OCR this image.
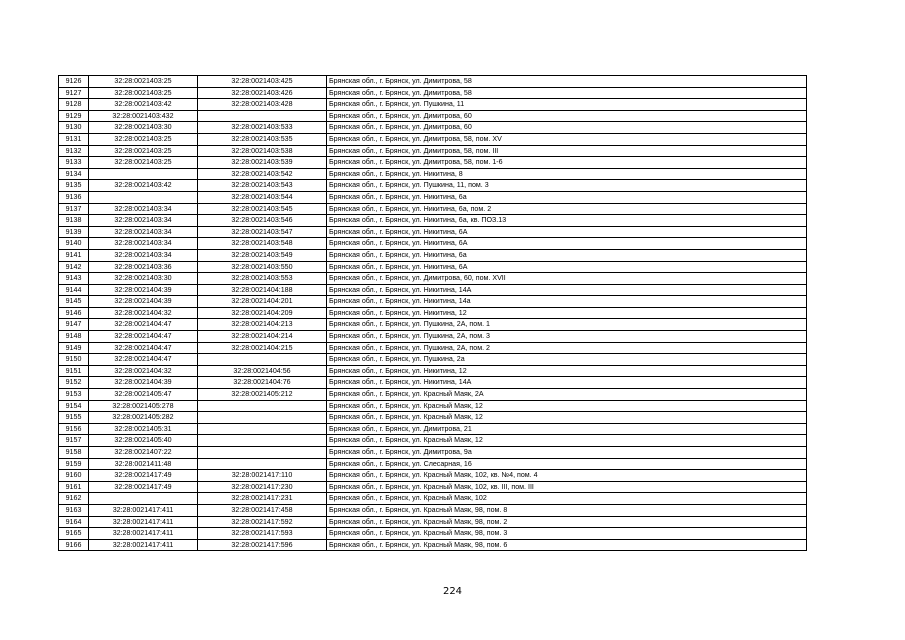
9126	32:28:0021403:25	32:28:0021403:425	Брянская обл., г. Брянск, ул. Димитрова, 58
9127	32:28:0021403:25	32:28:0021403:426	Брянская обл., г. Брянск, ул. Димитрова, 58
9128	32:28:0021403:42	32:28:0021403:428	Брянская обл., г. Брянск, ул. Пушкина, 11
9129	32:28:0021403:432		Брянская обл., г. Брянск, ул. Димитрова, 60
9130	32:28:0021403:30	32:28:0021403:533	Брянская обл., г. Брянск, ул. Димитрова, 60
9131	32:28:0021403:25	32:28:0021403:535	Брянская обл., г. Брянск, ул. Димитрова, 58, пом. XV
9132	32:28:0021403:25	32:28:0021403:538	Брянская обл., г. Брянск, ул. Димитрова, 58, пом. III
9133	32:28:0021403:25	32:28:0021403:539	Брянская обл., г. Брянск, ул. Димитрова, 58, пом. 1-6
9134		32:28:0021403:542	Брянская обл., г. Брянск, ул. Никитина, 8
9135	32:28:0021403:42	32:28:0021403:543	Брянская обл., г. Брянск, ул. Пушкина, 11, пом. 3
9136		32:28:0021403:544	Брянская обл., г. Брянск, ул. Никитина, 6а
9137	32:28:0021403:34	32:28:0021403:545	Брянская обл., г. Брянск, ул. Никитина, 6а, пом. 2
9138	32:28:0021403:34	32:28:0021403:546	Брянская обл., г. Брянск, ул. Никитина, 6а, кв. ПОЗ.13
9139	32:28:0021403:34	32:28:0021403:547	Брянская обл., г. Брянск, ул. Никитина, 6А
9140	32:28:0021403:34	32:28:0021403:548	Брянская обл., г. Брянск, ул. Никитина, 6А
9141	32:28:0021403:34	32:28:0021403:549	Брянская обл., г. Брянск, ул. Никитина, 6а
9142	32:28:0021403:36	32:28:0021403:550	Брянская обл., г. Брянск, ул. Никитина, 6А
9143	32:28:0021403:30	32:28:0021403:553	Брянская обл., г. Брянск, ул. Димитрова, 60, пом. XVII
9144	32:28:0021404:39	32:28:0021404:188	Брянская обл., г. Брянск, ул. Никитина, 14А
9145	32:28:0021404:39	32:28:0021404:201	Брянская обл., г. Брянск, ул. Никитина, 14а
9146	32:28:0021404:32	32:28:0021404:209	Брянская обл., г. Брянск, ул. Никитина, 12
9147	32:28:0021404:47	32:28:0021404:213	Брянская обл., г. Брянск, ул. Пушкина, 2А, пом. 1
9148	32:28:0021404:47	32:28:0021404:214	Брянская обл., г. Брянск, ул. Пушкина, 2А, пом. 3
9149	32:28:0021404:47	32:28:0021404:215	Брянская обл., г. Брянск, ул. Пушкина, 2А, пом. 2
9150	32:28:0021404:47		Брянская обл., г. Брянск, ул. Пушкина, 2а
9151	32:28:0021404:32	32:28:0021404:56	Брянская обл., г. Брянск, ул. Никитина, 12
9152	32:28:0021404:39	32:28:0021404:76	Брянская обл., г. Брянск, ул. Никитина, 14А
9153	32:28:0021405:47	32:28:0021405:212	Брянская обл., г. Брянск, ул. Красный Маяк, 2А
9154	32:28:0021405:278		Брянская обл., г. Брянск, ул. Красный Маяк, 12
9155	32:28:0021405:282		Брянская обл., г. Брянск, ул. Красный Маяк, 12
9156	32:28:0021405:31		Брянская обл., г. Брянск, ул. Димитрова, 21
9157	32:28:0021405:40		Брянская обл., г. Брянск, ул. Красный Маяк, 12
9158	32:28:0021407:22		Брянская обл., г. Брянск, ул. Димитрова, 9а
9159	32:28:0021411:48		Брянская обл., г. Брянск, ул. Слесарная, 16
9160	32:28:0021417:49	32:28:0021417:110	Брянская обл., г. Брянск, ул. Красный Маяк, 102, кв. №4, пом. 4
9161	32:28:0021417:49	32:28:0021417:230	Брянская обл., г. Брянск, ул. Красный Маяк, 102, кв. III, пом. III
9162		32:28:0021417:231	Брянская обл., г. Брянск, ул. Красный Маяк, 102
9163	32:28:0021417:411	32:28:0021417:458	Брянская обл., г. Брянск, ул. Красный Маяк, 98, пом. 8
9164	32:28:0021417:411	32:28:0021417:592	Брянская обл., г. Брянск, ул. Красный Маяк, 98, пом. 2
9165	32:28:0021417:411	32:28:0021417:593	Брянская обл., г. Брянск, ул. Красный Маяк, 98, пом. 3
9166	32:28:0021417:411	32:28:0021417:596	Брянская обл., г. Брянск, ул. Красный Маяк, 98, пом. 6
224
